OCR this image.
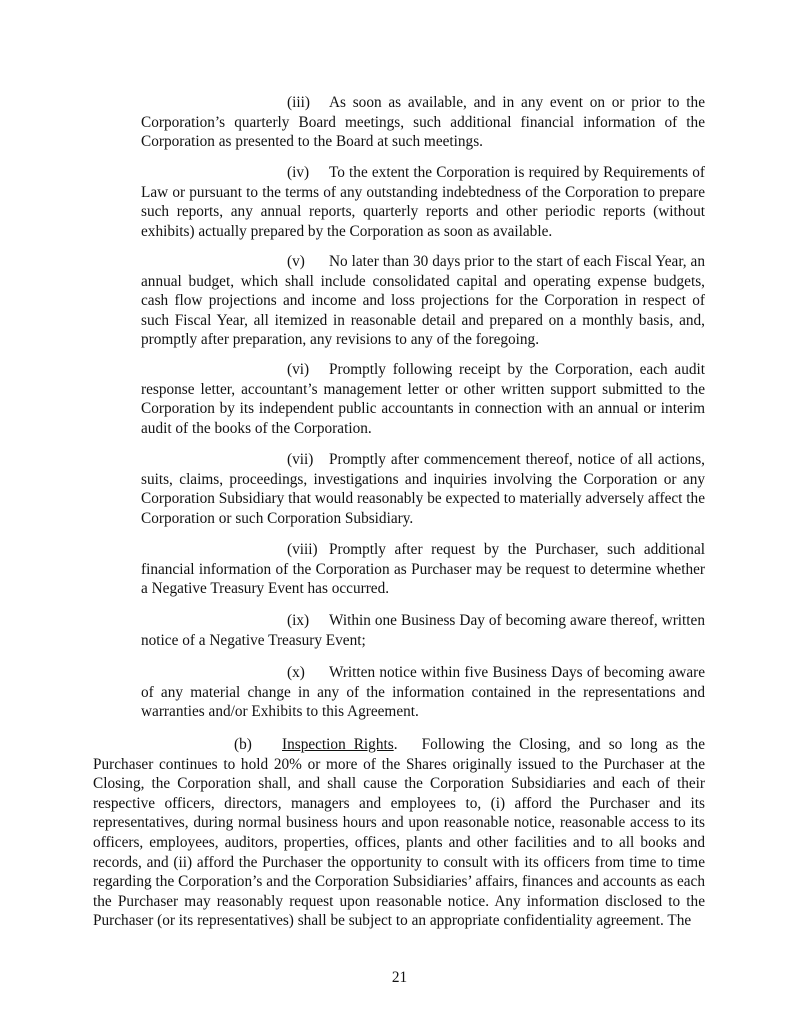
(iii) As soon as available, and in any event on or prior to the Corporation’s quarterly Board meetings, such additional financial information of the Corporation as presented to the Board at such meetings.
(iv) To the extent the Corporation is required by Requirements of Law or pursuant to the terms of any outstanding indebtedness of the Corporation to prepare such reports, any annual reports, quarterly reports and other periodic reports (without exhibits) actually prepared by the Corporation as soon as available.
(v) No later than 30 days prior to the start of each Fiscal Year, an annual budget, which shall include consolidated capital and operating expense budgets, cash flow projections and income and loss projections for the Corporation in respect of such Fiscal Year, all itemized in reasonable detail and prepared on a monthly basis, and, promptly after preparation, any revisions to any of the foregoing.
(vi) Promptly following receipt by the Corporation, each audit response letter, accountant’s management letter or other written support submitted to the Corporation by its independent public accountants in connection with an annual or interim audit of the books of the Corporation.
(vii) Promptly after commencement thereof, notice of all actions, suits, claims, proceedings, investigations and inquiries involving the Corporation or any Corporation Subsidiary that would reasonably be expected to materially adversely affect the Corporation or such Corporation Subsidiary.
(viii) Promptly after request by the Purchaser, such additional financial information of the Corporation as Purchaser may be request to determine whether a Negative Treasury Event has occurred.
(ix) Within one Business Day of becoming aware thereof, written notice of a Negative Treasury Event;
(x) Written notice within five Business Days of becoming aware of any material change in any of the information contained in the representations and warranties and/or Exhibits to this Agreement.
(b) Inspection Rights. Following the Closing, and so long as the Purchaser continues to hold 20% or more of the Shares originally issued to the Purchaser at the Closing, the Corporation shall, and shall cause the Corporation Subsidiaries and each of their respective officers, directors, managers and employees to, (i) afford the Purchaser and its representatives, during normal business hours and upon reasonable notice, reasonable access to its officers, employees, auditors, properties, offices, plants and other facilities and to all books and records, and (ii) afford the Purchaser the opportunity to consult with its officers from time to time regarding the Corporation’s and the Corporation Subsidiaries’ affairs, finances and accounts as each the Purchaser may reasonably request upon reasonable notice. Any information disclosed to the Purchaser (or its representatives) shall be subject to an appropriate confidentiality agreement. The
21
